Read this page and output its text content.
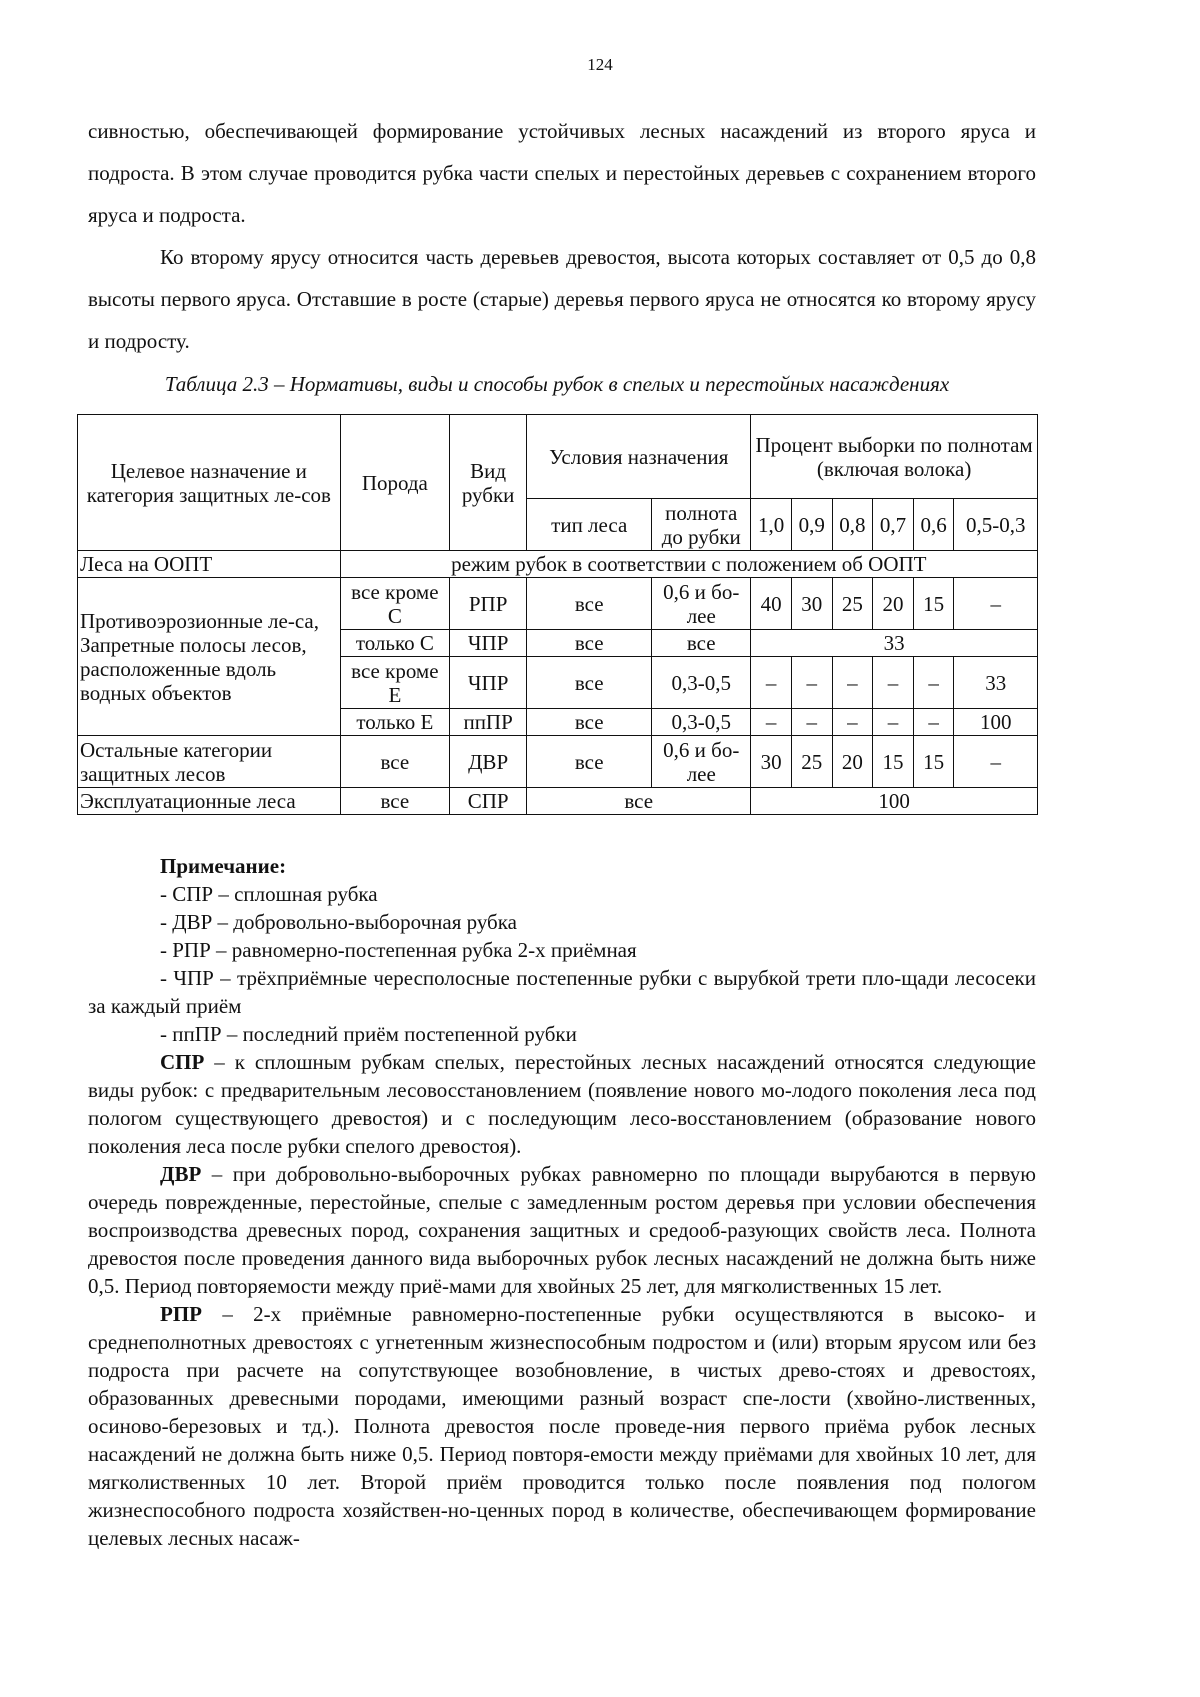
124

сивностью, обеспечивающей формирование устойчивых лесных насаждений из второго яруса и подроста. В этом случае проводится рубка части спелых и перестойных деревьев с сохранением второго яруса и подроста.

Ко второму ярусу относится часть деревьев древостоя, высота которых составляет от 0,5 до 0,8 высоты первого яруса. Отставшие в росте (старые) деревья первого яруса не относятся ко второму ярусу и подросту.

Таблица 2.3 – Нормативы, виды и способы рубок в спелых и перестойных насаждениях
Целевое назначение и категория защитных ле-сов	Порода	Вид рубки	Условия назначения		Процент выборки по полнотам (включая волока)					
			тип леса	полнота до рубки	1,0	0,9	0,8	0,7	0,6	0,5-0,3
Леса на ООПТ	режим рубок в соответствии с положением об ООПТ									
Противоэрозионные ле-са, Запретные полосы лесов, расположенные вдоль водных объектов	все кроме С	РПР	все	0,6 и бо-лее	40	30	25	20	15	–
	только С	ЧПР	все	все	33					
	все кроме Е	ЧПР	все	0,3-0,5	–	–	–	–	–	33
	только Е	ппПР	все	0,3-0,5	–	–	–	–	–	100
Остальные категории защитных лесов	все	ДВР	все	0,6 и бо-лее	30	25	20	15	15	–
Эксплуатационные леса	все	СПР	все		100					

Примечание:

- СПР – сплошная рубка

- ДВР – добровольно-выборочная рубка

- РПР – равномерно-постепенная рубка 2-х приёмная

- ЧПР – трёхприёмные чересполосные постепенные рубки с вырубкой трети пло-щади лесосеки за каждый приём

- ппПР – последний приём постепенной рубки

СПР – к сплошным рубкам спелых, перестойных лесных насаждений относятся следующие виды рубок: с предварительным лесовосстановлением (появление нового мо-лодого поколения леса под пологом существующего древостоя) и с последующим лесо-восстановлением (образование нового поколения леса после рубки спелого древостоя).

ДВР – при добровольно-выборочных рубках равномерно по площади вырубаются в первую очередь поврежденные, перестойные, спелые с замедленным ростом деревья при условии обеспечения воспроизводства древесных пород, сохранения защитных и средооб-разующих свойств леса. Полнота древостоя после проведения данного вида выборочных рубок лесных насаждений не должна быть ниже 0,5. Период повторяемости между приё-мами для хвойных 25 лет, для мягколиственных 15 лет.

РПР – 2-х приёмные равномерно-постепенные рубки осуществляются в высоко- и среднеполнотных древостоях с угнетенным жизнеспособным подростом и (или) вторым ярусом или без подроста при расчете на сопутствующее возобновление, в чистых древо-стоях и древостоях, образованных древесными породами, имеющими разный возраст спе-лости (хвойно-лиственных, осиново-березовых и тд.). Полнота древостоя после проведе-ния первого приёма рубок лесных насаждений не должна быть ниже 0,5. Период повторя-емости между приёмами для хвойных 10 лет, для мягколиственных 10 лет. Второй приём проводится только после появления под пологом жизнеспособного подроста хозяйствен-но-ценных пород в количестве, обеспечивающем формирование целевых лесных насаж-
